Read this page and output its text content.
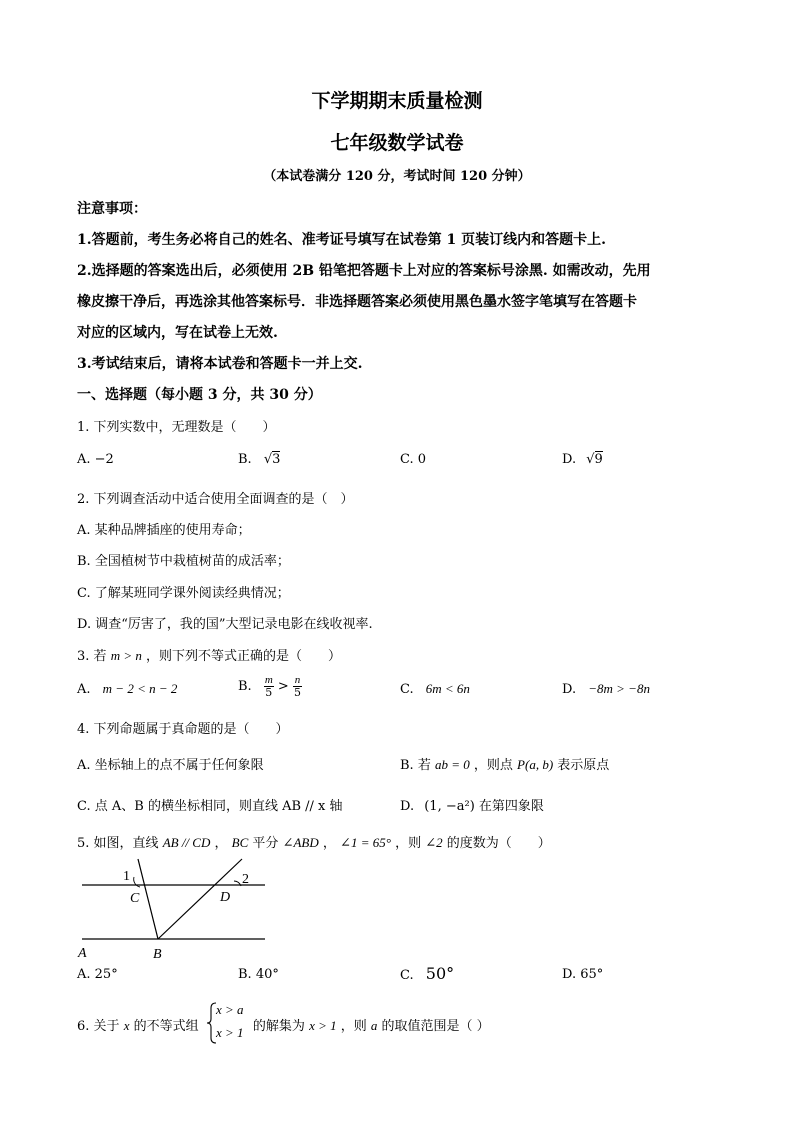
下学期期末质量检测
七年级数学试卷
（本试卷满分 120 分，考试时间 120 分钟）
注意事项：
1.答题前，考生务必将自己的姓名、准考证号填写在试卷第 1 页装订线内和答题卡上.
2.选择题的答案选出后，必须使用 2B 铅笔把答题卡上对应的答案标号涂黑. 如需改动，先用
橡皮擦干净后，再选涂其他答案标号．非选择题答案必须使用黑色墨水签字笔填写在答题卡
对应的区域内，写在试卷上无效.
3.考试结束后，请将本试卷和答题卡一并上交.
一、选择题（每小题 3 分，共 30 分）
1. 下列实数中，无理数是（　　）
A. −2	B. √3	C. 0	D. √9
2. 下列调查活动中适合使用全面调查的是（　）
A. 某种品牌插座的使用寿命；
B. 全国植树节中栽植树苗的成活率；
C. 了解某班同学课外阅读经典情况；
D. 调查“厉害了，我的国”大型记录电影在线收视率.
3. 若 m > n ，则下列不等式正确的是（　　）
A. m − 2 < n − 2	B. $\frac{m}{5} > \frac{n}{5}$	C. 6m < 6n	D. −8m > −8n
4. 下列命题属于真命题的是（　　）
A. 坐标轴上的点不属于任何象限	B. 若 ab = 0 ，则点 P(a, b) 表示原点
C. 点 A、B 的横坐标相同，则直线 AB // x 轴	D. (1, −a²) 在第四象限
5. 如图，直线 AB // CD ， BC 平分 ∠ABD ， ∠1 = 65° ，则 ∠2 的度数为（　　）
1
C
2
D
A	B
A. 25°	B. 40°	C. 50°	D. 65°
6. 关于 x 的不等式组	的解集为 x > 1 ，则 a 的取值范围是（ ）
x > a
x > 1
